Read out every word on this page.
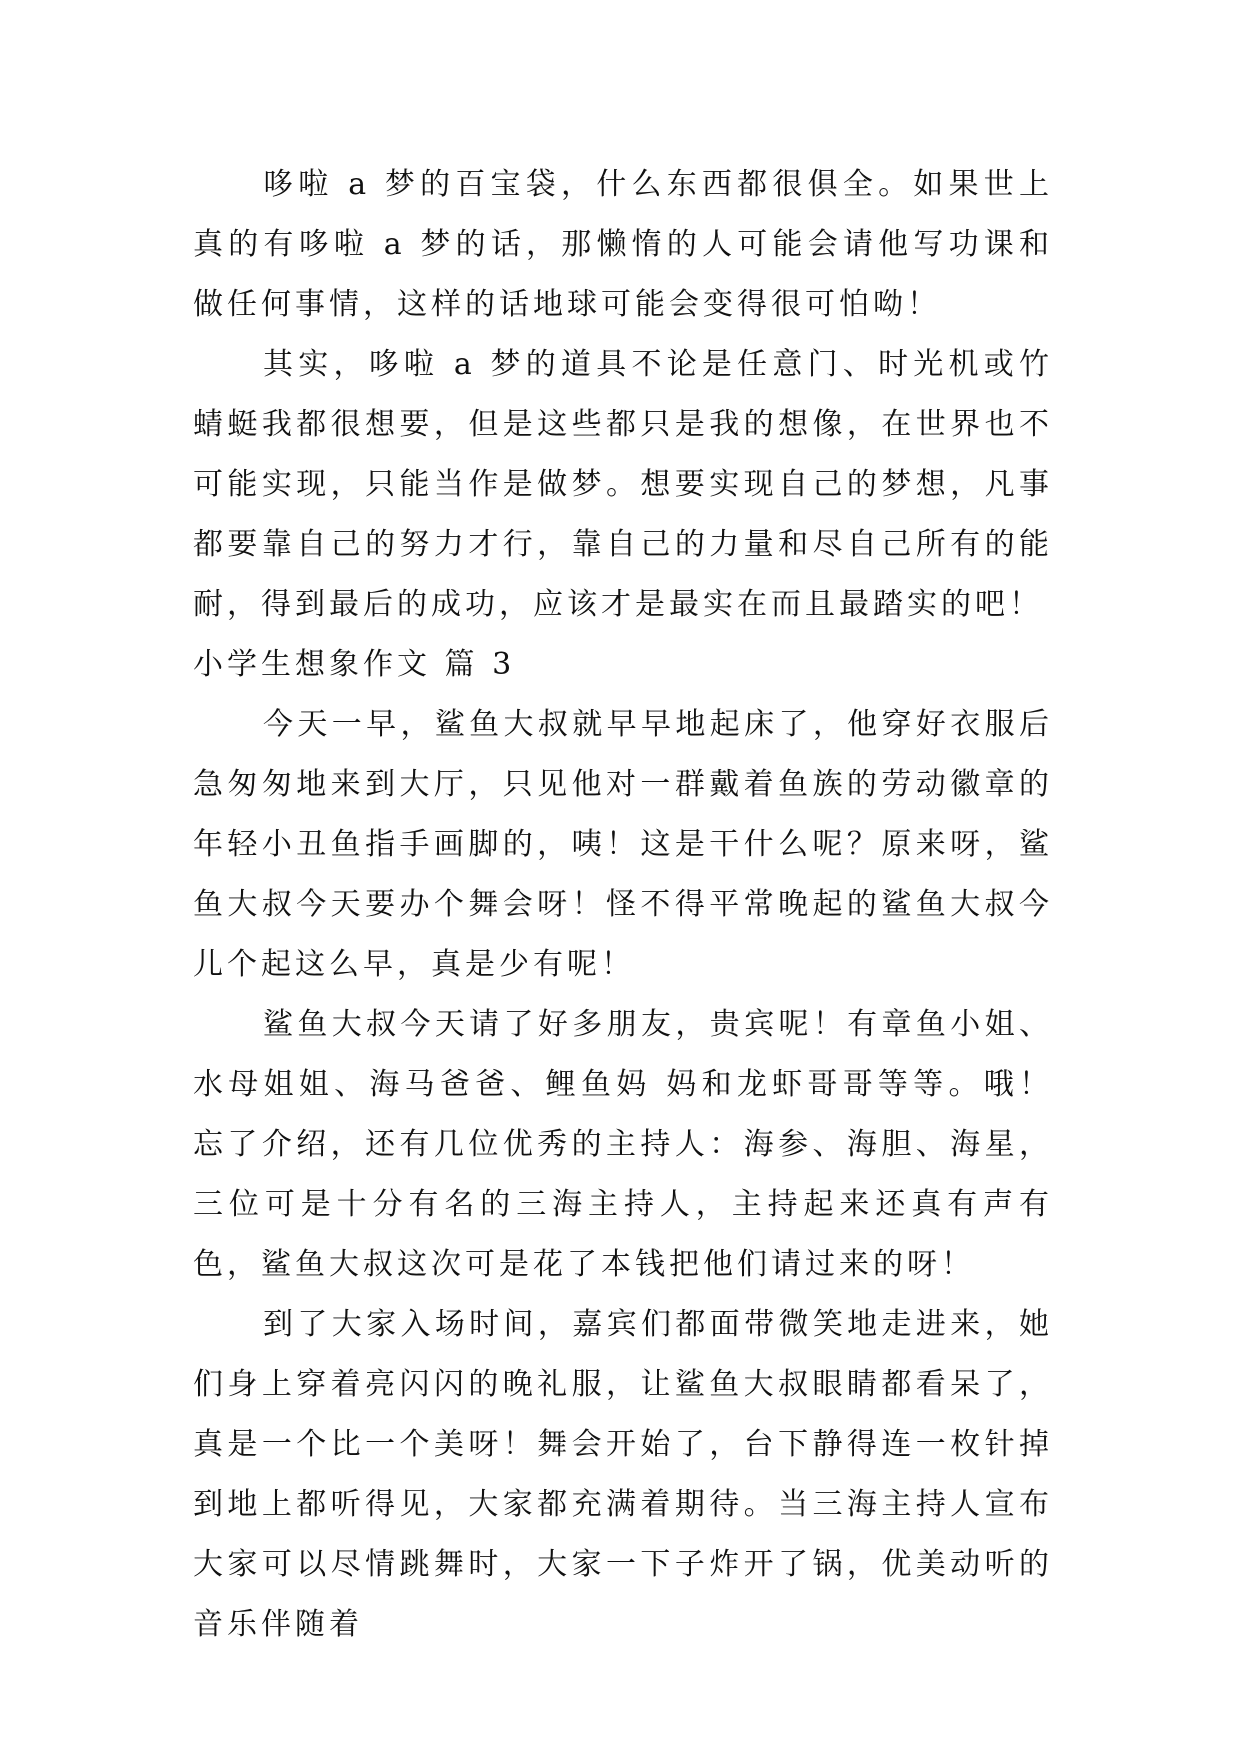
哆啦 a 梦的百宝袋，什么东西都很俱全。如果世上真的有哆啦 a 梦的话，那懒惰的人可能会请他写功课和做任何事情，这样的话地球可能会变得很可怕呦！

其实，哆啦 a 梦的道具不论是任意门、时光机或竹蜻蜓我都很想要，但是这些都只是我的想像，在世界也不可能实现，只能当作是做梦。想要实现自己的梦想，凡事都要靠自己的努力才行，靠自己的力量和尽自己所有的能耐，得到最后的成功，应该才是最实在而且最踏实的吧！

小学生想象作文 篇 3

今天一早，鲨鱼大叔就早早地起床了，他穿好衣服后急匆匆地来到大厅，只见他对一群戴着鱼族的劳动徽章的年轻小丑鱼指手画脚的，咦！这是干什么呢？原来呀，鲨鱼大叔今天要办个舞会呀！怪不得平常晚起的鲨鱼大叔今儿个起这么早，真是少有呢！

鲨鱼大叔今天请了好多朋友，贵宾呢！有章鱼小姐、水母姐姐、海马爸爸、鲤鱼妈 妈和龙虾哥哥等等。哦！忘了介绍，还有几位优秀的主持人：海参、海胆、海星，三位可是十分有名的三海主持人，主持起来还真有声有色，鲨鱼大叔这次可是花了本钱把他们请过来的呀！

到了大家入场时间，嘉宾们都面带微笑地走进来，她们身上穿着亮闪闪的晚礼服，让鲨鱼大叔眼睛都看呆了，真是一个比一个美呀！舞会开始了，台下静得连一枚针掉到地上都听得见，大家都充满着期待。当三海主持人宣布大家可以尽情跳舞时，大家一下子炸开了锅，优美动听的音乐伴随着
